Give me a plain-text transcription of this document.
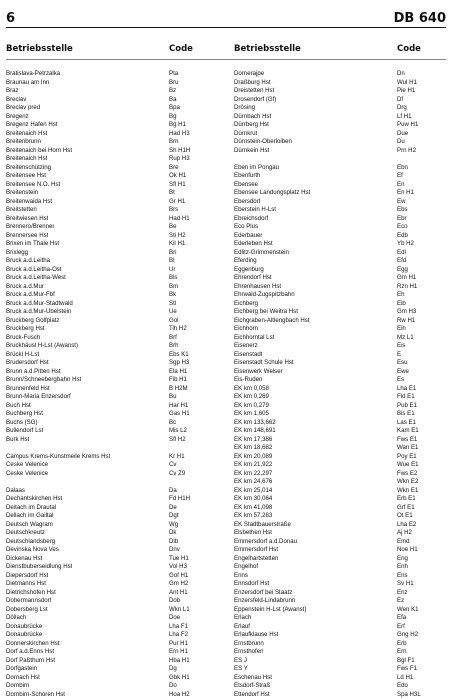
6	DB 640
Betriebsstelle	Code	Betriebsstelle	Code
Bratislava-Petrzalka	Pta
Braunau am Inn	Bru
Braz	Bz
Breclav	Ba
Breclav pred	Bpa
Bregenz	Bg
Bregenz Hafen Hst	Bg H1
Breitenaich Hst	Had H3
Breitenbrunn	Brn
Breitenaich bei Horn Hst	Sh H1H
Breitenaich Hst	Rup H3
Breitenschützing	Bre
Breitensee Hst	Ok H1
Breitensee N.Ö. Hst	Sfl H1
Breitenstein	Bt
Breitenwaida Hst	Gr H1
Breitstetten	Brs
Breitwiesen Hst	Had H1
Brennero/Brenner	Be
Brennersee Hst	Sti H2
Brixen im Thale Hst	Kil H1
Brixlegg	Bri
Bruck a.d.Leitha	Bl
Bruck a.d.Leitha-Ost	Ur
Bruck a.d.Leitha-West	Bls
Bruck a.d.Mur	Bm
Bruck a.d.Mur-Fbf	Bk
Bruck a.d.Mur-Stadtwald	Stl
Bruck a.d.Mur-Übelstein	Ue
Bruckberg Golfplatz	Gol
Bruckberg Hst	Tih H2
Bruck-Fusch	Brf
Bruckhäusl H-Lst (Awanst)	Brh
Brückl H-Lst	Ebs K1
Brudersdorf Hst	Sgp H3
Brunn a.d.Pitten Hst	Ela H1
Brunn/Schneebergbahn Hst	Fib H1
Brunnenfeld Hst	B H2M
Brunn-Maria Enzersdorf	Bu
Buch Hst	Har H1
Buchberg Hst	Gas H1
Buchs (SG)	Bc
Bullendorf Lst	Mis L2
Burk Hst	Sfl H2
Campus Krems-Kunstmeile Krems Hst	Kr H1
Ceske Velenice	Cv
Ceske Velenice	Cv Z9
Dalaas	Da
Dechantskirchen Hst	Fd H1H
Deitach im Drautal	De
Dellach im Gailtal	Dgt
Deutsch Wagram	Wg
Deutschkreutz	Dk
Deutschlandsberg	Dlb
Devinska Nova Ves	Dnv
Dickenau Hst	Tue H1
Dienstbuberseidlung Hst	Vol H3
Diepersdorf Hst	Gof H1
Dietmanns Hst	Gm H2
Dietrichshofen Hst	Ant H1
Dobermannsdorf	Dob
Dobersberg Lst	Wkn L1
Döllach	Doe
Donaubrücke	Lha F1
Donaubrücke	Lha F2
Donnerskirchen Hst	Pur H1
Dorf a.d.Enns Hst	Ern H1
Dorf Paßthurn Hst	Hba H1
Dorfgastein	Dg
Dornach Hst	Gbk H1
Dornbirn	Do
Dornbirn-Schoren Hst	Hoa H2
Dornerajpe	Dn
Draßburg Hst	Wul H1
Dreistetten Hst	Pie H1
Drosendorf (Gf)	Df
Drösing	Drg
Dürnbach Hst	Lf H1
Dürrberg Hst	Puw H1
Dürnkrut	Due
Dürnstein-Oberloiben	Du
Dürnkein Hst	Prn H2
Eben im Pongau	Ebn
Ebenfurth	Ef
Ebensee	En
Ebensee Landungsplatz Hst	En H1
Ebersdorf	Ew
Eberstein H-Lst	Ebs
Ebreichsdorf	Ebr
Eco Plus	Eco
Ederbauer	Edb
Ederleben Hst	Yb H2
Edlitz-Grimmenstein	Edl
Eferding	Efd
Eggenburg	Egg
Ehrendorf Hst	Gm H1
Ehrenhausen Hst	Rzn H1
Ehrwald-Zugspitzbahn	Eh
Eichberg	Eib
Eichberg bei Weitra Hst	Gm H3
Eichgraben-Altlengbach Hst	Rw H1
Eichhorn	Eih
Eichhorntal Lst	Mz L1
Eisenerz	Eis
Eisenstadt	E
Eisenstadt Schule Hst	Esu
Eisenwerk Welser	Ewe
Eis-Ruden	Es
EK km 0,058	Lha E1
EK km 0,269	Fld E1
EK km 0,279	Pub E1
EK km 1,605	Bis E1
EK km 133,662	Las E1
EK km 148,691	Kam E1
EK km 17,386	Fws E1
EK km 18,682	Wan E1
EK km 20,089	Poy E1
EK km 21,922	Wue E1
EK km 22,297	Fws E2
EK km 24,676	Wkn E2
EK km 25,014	Wkn E1
EK km 30,064	Erb E1
EK km 41,098	Grf E1
EK km 57,283	Ot E1
EK Stadtbauerstraße	Lha E2
Elsbethen Hst	Aj H2
Emmersdorf a.d.Donau	Emd
Emmersdorf Hst	Noe H1
Engelhartstetten	Eng
Engelhof	Enh
Enns	Ens
Ennsdorf Hst	Sv H1
Enzersdorf bei Staatz	Enz
Enzersfeld-Lindabrunn	Ez
Eppenstein H-Lst (Awanst)	Wen K1
Erlach	Efa
Erlauf	Erf
Erlaufklause Hst	Gng H2
Ernstbrunn	Erb
Ernsthofen	Ern
ES J	Bgl F1
ES Y	Fws F1
Eschenau Hst	Ld H1
Etsdorf-Straß	Edo
Ettendorf Hst	Spa H3L
